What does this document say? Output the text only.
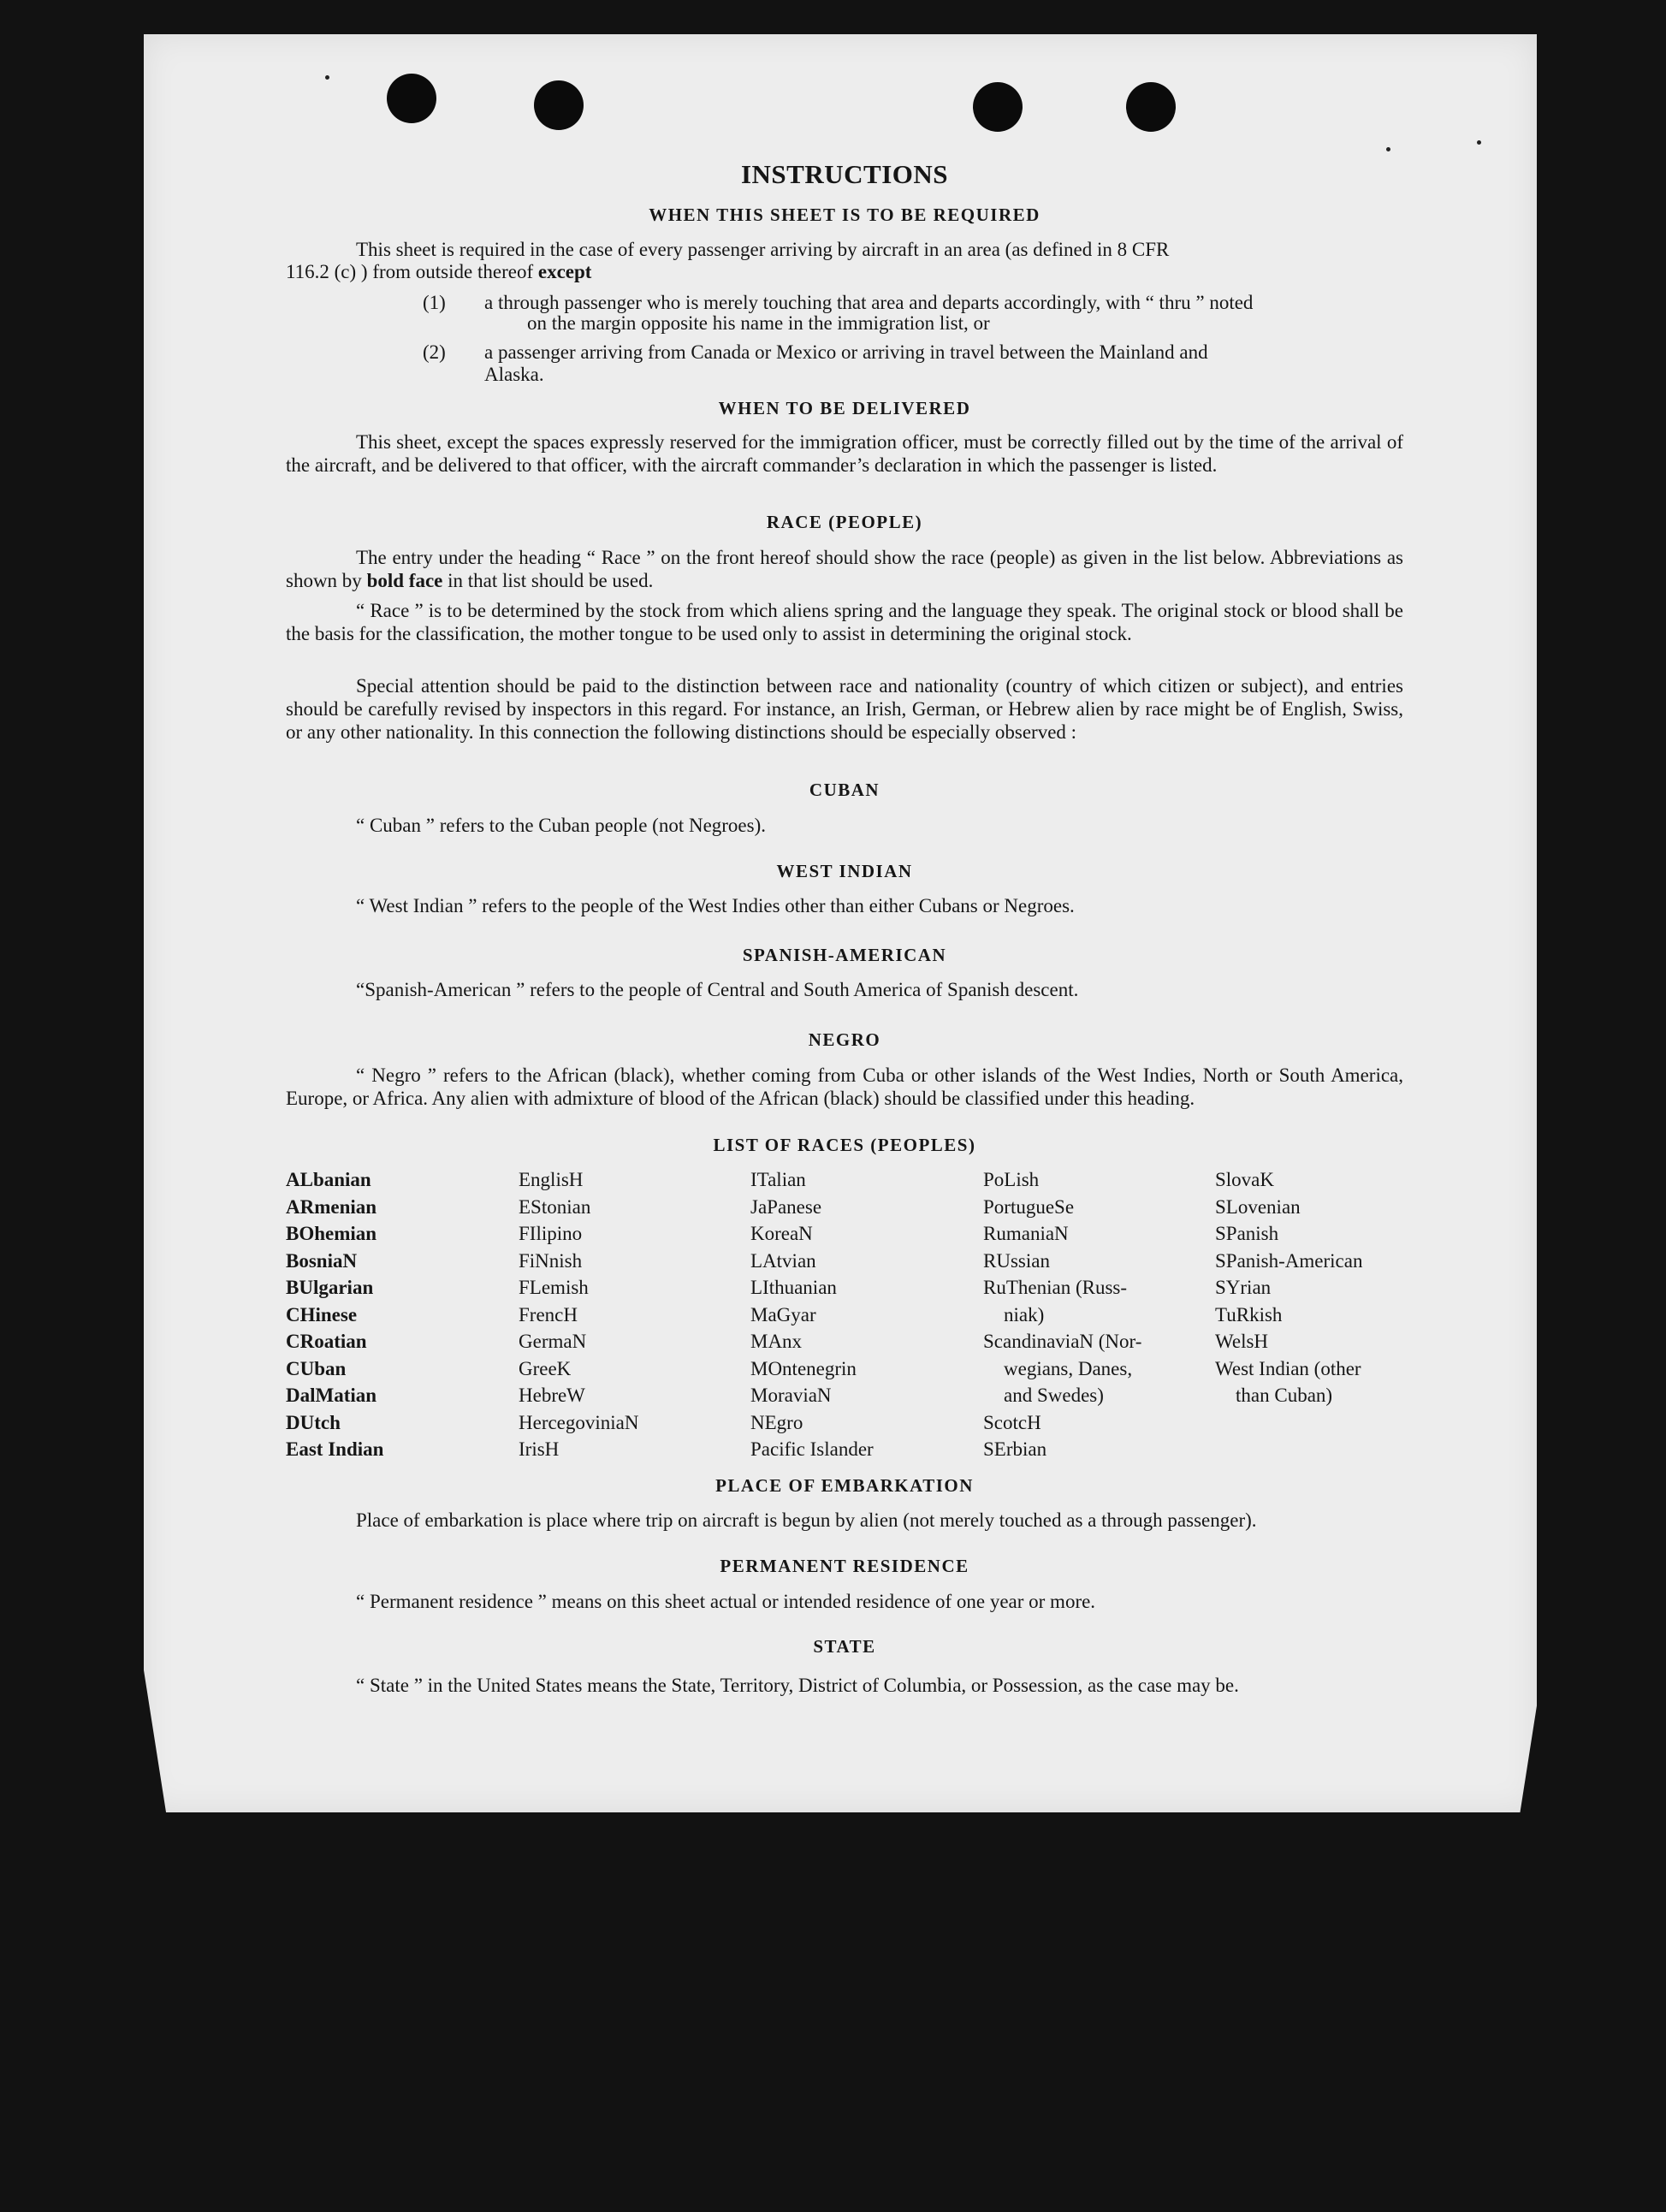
INSTRUCTIONS
WHEN THIS SHEET IS TO BE REQUIRED
This sheet is required in the case of every passenger arriving by aircraft in an area (as defined in 8 CFR
116.2 (c) ) from outside thereof except
(1) a through passenger who is merely touching that area and departs accordingly, with “ thru ” noted
on the margin opposite his name in the immigration list, or
(2) a passenger arriving from Canada or Mexico or arriving in travel between the Mainland and
Alaska.
WHEN TO BE DELIVERED
This sheet, except the spaces expressly reserved for the immigration officer, must be correctly filled out by the time of the arrival of the aircraft, and be delivered to that officer, with the aircraft commander’s declaration in which the passenger is listed.
RACE (PEOPLE)
The entry under the heading “ Race ” on the front hereof should show the race (people) as given in the list below. Abbreviations as shown by bold face in that list should be used.
“ Race ” is to be determined by the stock from which aliens spring and the language they speak. The original stock or blood shall be the basis for the classification, the mother tongue to be used only to assist in determining the original stock.
Special attention should be paid to the distinction between race and nationality (country of which citizen or subject), and entries should be carefully revised by inspectors in this regard. For instance, an Irish, German, or Hebrew alien by race might be of English, Swiss, or any other nationality. In this connection the following distinctions should be especially observed :
CUBAN
“ Cuban ” refers to the Cuban people (not Negroes).
WEST INDIAN
“ West Indian ” refers to the people of the West Indies other than either Cubans or Negroes.
SPANISH-AMERICAN
“Spanish-American ” refers to the people of Central and South America of Spanish descent.
NEGRO
“ Negro ” refers to the African (black), whether coming from Cuba or other islands of the West Indies, North or South America, Europe, or Africa. Any alien with admixture of blood of the African (black) should be classified under this heading.
LIST OF RACES (PEOPLES)
ALbanian
ARmenian
BOhemian
BosniaN
BUlgarian
CHinese
CRoatian
CUban
DalMatian
DUtch
East Indian
EnglisH
EStonian
FIlipino
FiNnish
FLemish
FrencH
GermaN
GreeK
HebreW
HercegoviniaN
IrisH
ITalian
JaPanese
KoreaN
LAtvian
LIthuanian
MaGyar
MAnx
MOntenegrin
MoraviaN
NEgro
Pacific Islander
PoLish
PortugueSe
RumaniaN
RUssian
RuThenian (Russ-
niak)
ScandinaviaN (Nor-
wegians, Danes,
and Swedes)
ScotcH
SErbian
SlovaK
SLovenian
SPanish
SPanish-American
SYrian
TuRkish
WelsH
West Indian (other
than Cuban)
PLACE OF EMBARKATION
Place of embarkation is place where trip on aircraft is begun by alien (not merely touched as a through passenger).
PERMANENT RESIDENCE
“ Permanent residence ” means on this sheet actual or intended residence of one year or more.
STATE
“ State ” in the United States means the State, Territory, District of Columbia, or Possession, as the case may be.
